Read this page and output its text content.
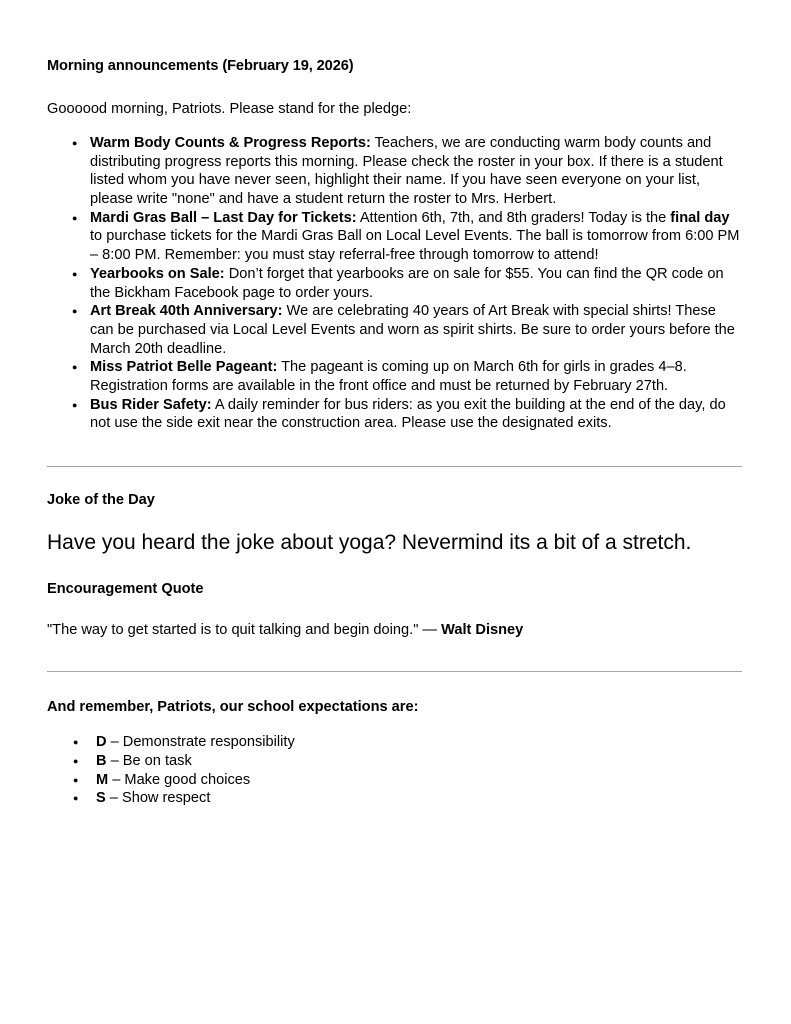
Morning announcements (February 19, 2026)

Goooood morning, Patriots. Please stand for the pledge:

● Warm Body Counts & Progress Reports: Teachers, we are conducting warm body counts and distributing progress reports this morning. Please check the roster in your box. If there is a student listed whom you have never seen, highlight their name. If you have seen everyone on your list, please write "none" and have a student return the roster to Mrs. Herbert.
● Mardi Gras Ball – Last Day for Tickets: Attention 6th, 7th, and 8th graders! Today is the final day to purchase tickets for the Mardi Gras Ball on Local Level Events. The ball is tomorrow from 6:00 PM – 8:00 PM. Remember: you must stay referral-free through tomorrow to attend!
● Yearbooks on Sale: Don’t forget that yearbooks are on sale for $55. You can find the QR code on the Bickham Facebook page to order yours.
● Art Break 40th Anniversary: We are celebrating 40 years of Art Break with special shirts! These can be purchased via Local Level Events and worn as spirit shirts. Be sure to order yours before the March 20th deadline.
● Miss Patriot Belle Pageant: The pageant is coming up on March 6th for girls in grades 4–8. Registration forms are available in the front office and must be returned by February 27th.
● Bus Rider Safety: A daily reminder for bus riders: as you exit the building at the end of the day, do not use the side exit near the construction area. Please use the designated exits.

Joke of the Day

Have you heard the joke about yoga? Nevermind its a bit of a stretch.

Encouragement Quote

"The way to get started is to quit talking and begin doing." — Walt Disney

And remember, Patriots, our school expectations are:

● D – Demonstrate responsibility
● B – Be on task
● M – Make good choices
● S – Show respect
